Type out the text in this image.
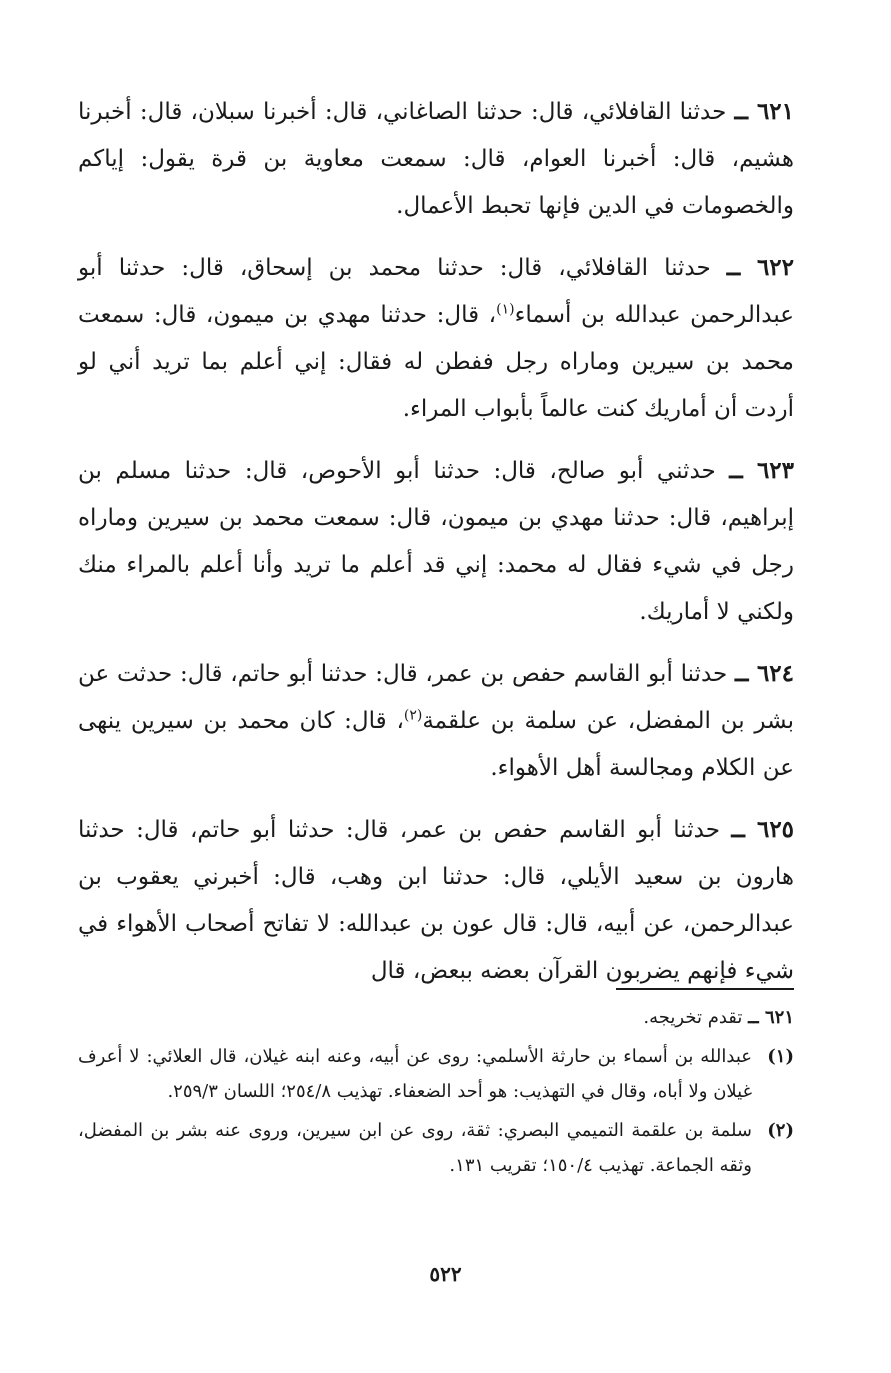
٦٢١ ــ حدثنا القافلائي، قال: حدثنا الصاغاني، قال: أخبرنا سبلان، قال: أخبرنا هشيم، قال: أخبرنا العوام، قال: سمعت معاوية بن قرة يقول: إياكم والخصومات في الدين فإنها تحبط الأعمال.

٦٢٢ ــ حدثنا القافلائي، قال: حدثنا محمد بن إسحاق، قال: حدثنا أبو عبدالرحمن عبدالله بن أسماء$^{(١)}$، قال: حدثنا مهدي بن ميمون، قال: سمعت محمد بن سيرين وماراه رجل ففطن له فقال: إني أعلم بما تريد أني لو أردت أن أماريك كنت عالماً بأبواب المراء.

٦٢٣ ــ حدثني أبو صالح، قال: حدثنا أبو الأحوص، قال: حدثنا مسلم بن إبراهيم، قال: حدثنا مهدي بن ميمون، قال: سمعت محمد بن سيرين وماراه رجل في شيء فقال له محمد: إني قد أعلم ما تريد وأنا أعلم بالمراء منك ولكني لا أماريك.

٦٢٤ ــ حدثنا أبو القاسم حفص بن عمر، قال: حدثنا أبو حاتم، قال: حدثت عن بشر بن المفضل، عن سلمة بن علقمة$^{(٢)}$، قال: كان محمد بن سيرين ينهى عن الكلام ومجالسة أهل الأهواء.

٦٢٥ ــ حدثنا أبو القاسم حفص بن عمر، قال: حدثنا أبو حاتم، قال: حدثنا هارون بن سعيد الأيلي، قال: حدثنا ابن وهب، قال: أخبرني يعقوب بن عبدالرحمن، عن أبيه، قال: قال عون بن عبدالله: لا تفاتح أصحاب الأهواء في شيء فإنهم يضربون القرآن بعضه ببعض، قال

٦٢١ ــ تقدم تخريجه.

(١)عبدالله بن أسماء بن حارثة الأسلمي: روى عن أبيه، وعنه ابنه غيلان، قال العلائي: لا أعرف غيلان ولا أباه، وقال في التهذيب: هو أحد الضعفاء. تهذيب ٢٥٤/٨؛ اللسان ٢٥٩/٣.

(٢)سلمة بن علقمة التميمي البصري: ثقة، روى عن ابن سيرين، وروى عنه بشر بن المفضل، وثقه الجماعة. تهذيب ١٥٠/٤؛ تقريب ١٣١.

٥٢٢
